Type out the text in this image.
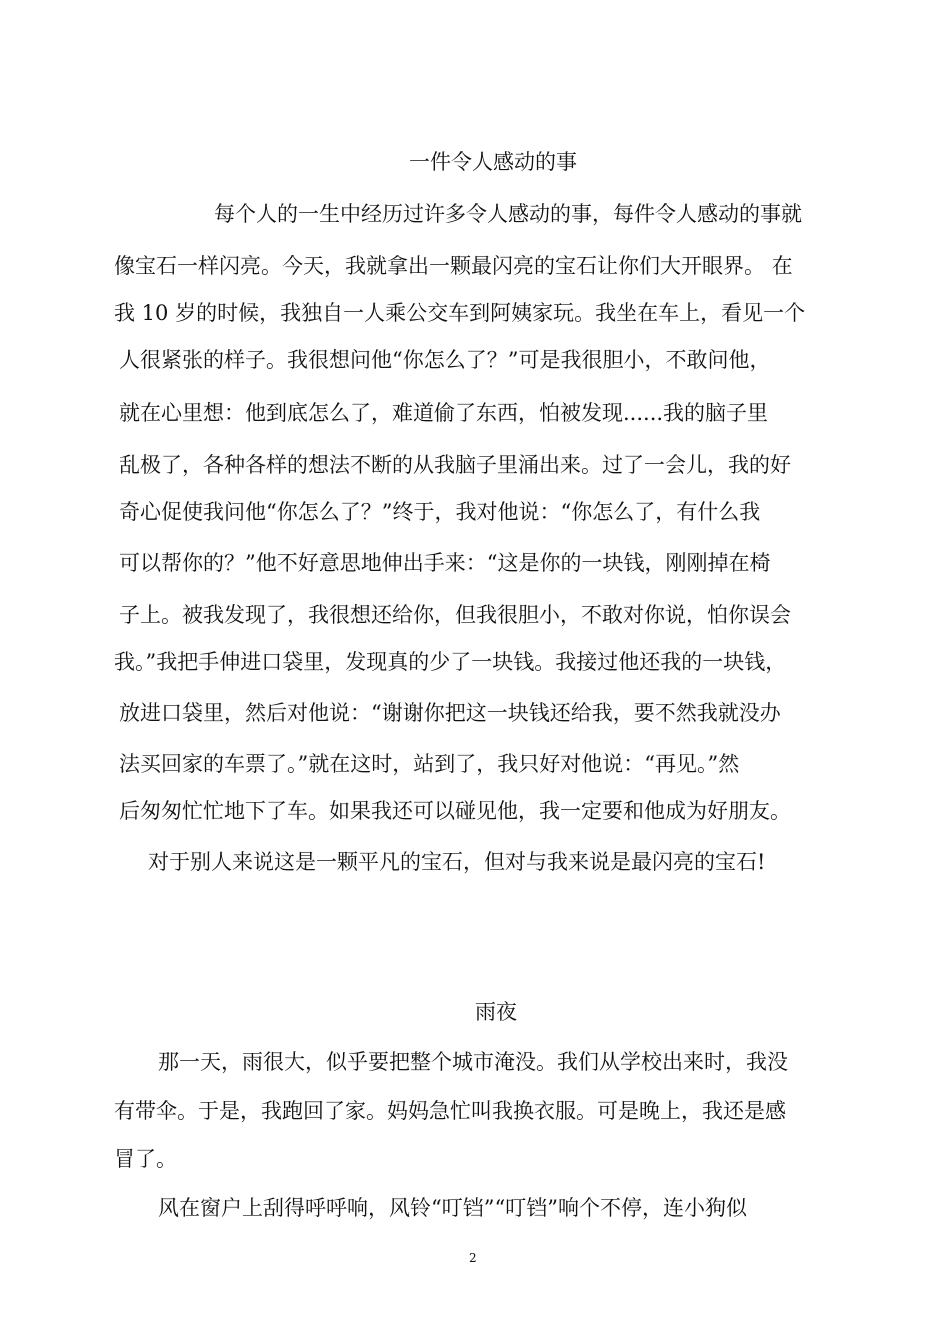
一件令人感动的事
每个人的一生中经历过许多令人感动的事，每件令人感动的事就
像宝石一样闪亮。今天，我就拿出一颗最闪亮的宝石让你们大开眼界。 在
我 10 岁的时候，我独自一人乘公交车到阿姨家玩。我坐在车上，看见一个
人很紧张的样子。我很想问他“你怎么了？”可是我很胆小，不敢问他，
就在心里想：他到底怎么了，难道偷了东西，怕被发现......我的脑子里
乱极了，各种各样的想法不断的从我脑子里涌出来。过了一会儿，我的好
奇心促使我问他“你怎么了？”终于，我对他说：“你怎么了，有什么我
可以帮你的？”他不好意思地伸出手来：“这是你的一块钱，刚刚掉在椅
子上。被我发现了，我很想还给你，但我很胆小，不敢对你说，怕你误会
我。”我把手伸进口袋里，发现真的少了一块钱。我接过他还我的一块钱，
放进口袋里，然后对他说：“谢谢你把这一块钱还给我，要不然我就没办
法买回家的车票了。”就在这时，站到了，我只好对他说：“再见。”然
后匆匆忙忙地下了车。如果我还可以碰见他，我一定要和他成为好朋友。
对于别人来说这是一颗平凡的宝石，但对与我来说是最闪亮的宝石!
雨夜
那一天，雨很大，似乎要把整个城市淹没。我们从学校出来时，我没
有带伞。于是，我跑回了家。妈妈急忙叫我换衣服。可是晚上，我还是感
冒了。
风在窗户上刮得呼呼响，风铃“叮铛”“叮铛”响个不停，连小狗似
2
